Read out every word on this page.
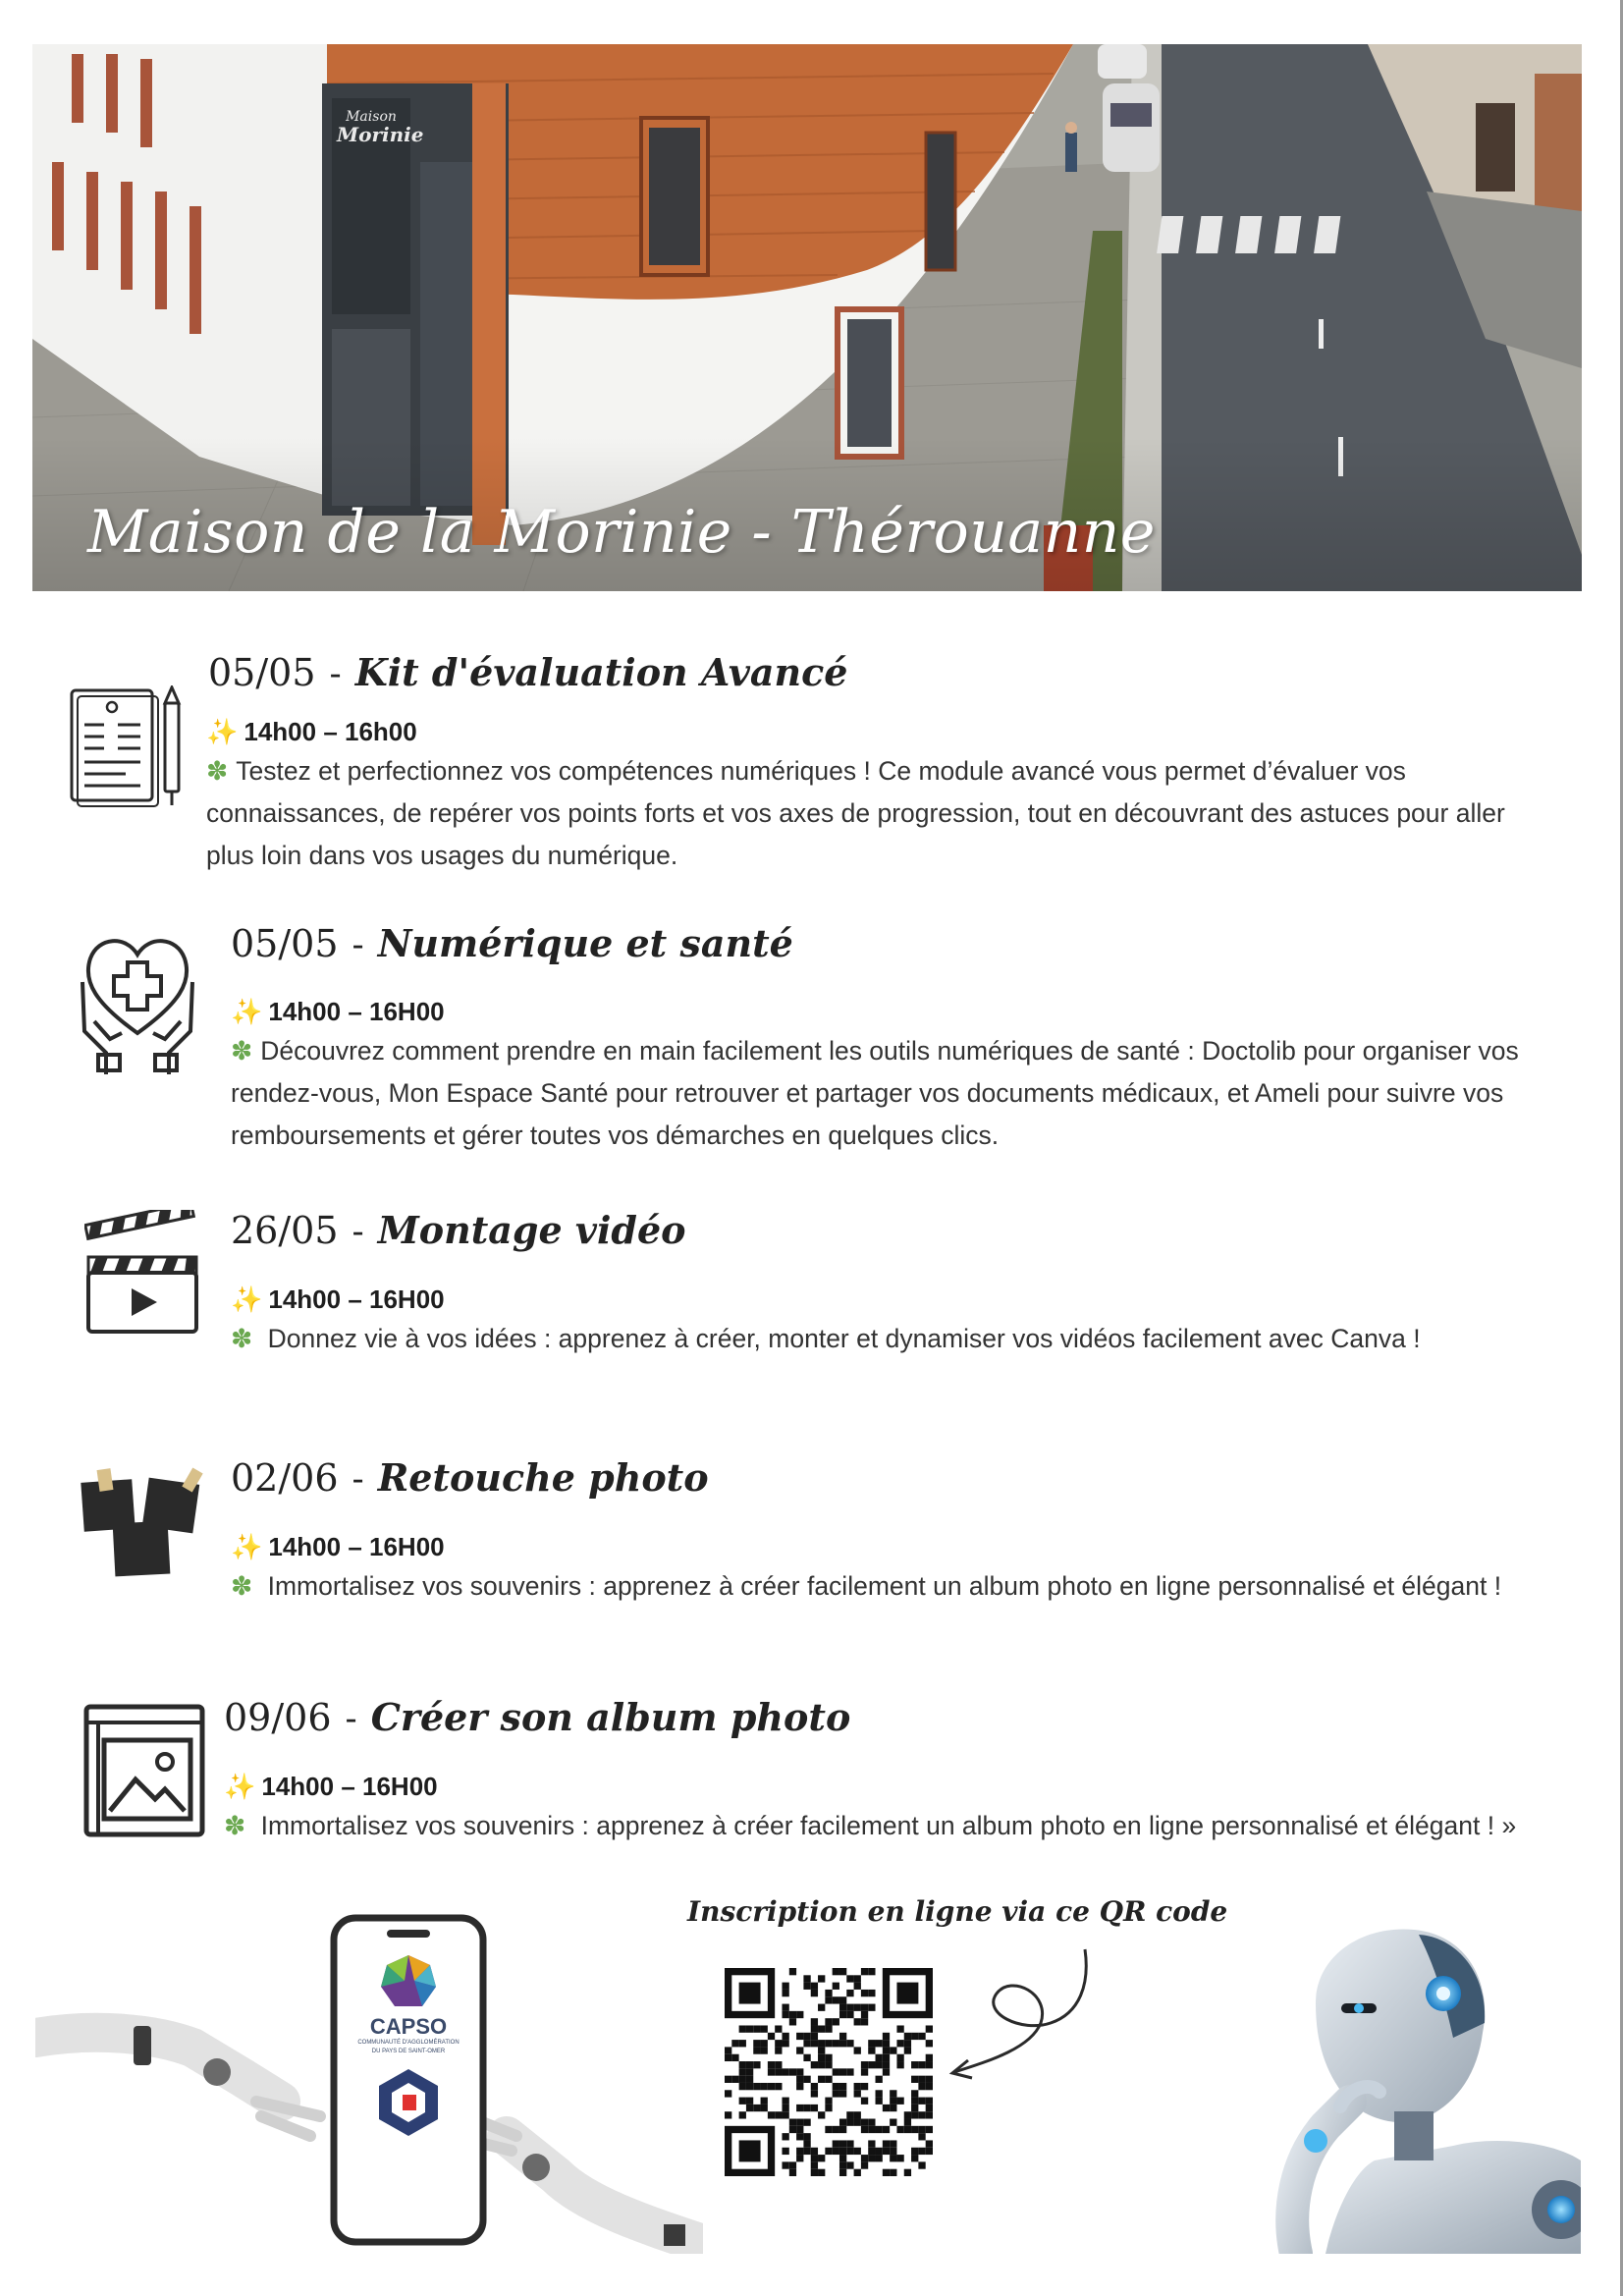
Maison
Morinie
Maison de la Morinie - Thérouanne
05/05 - Kit d'évaluation Avancé
✨ 14h00 – 16h00
✽ Testez et perfectionnez vos compétences numériques ! Ce module avancé vous permet d’évaluer vos connaissances, de repérer vos points forts et vos axes de progression, tout en découvrant des astuces pour aller plus loin dans vos usages du numérique.
05/05 - Numérique et santé
✨ 14h00 – 16H00
✽ Découvrez comment prendre en main facilement les outils numériques de santé : Doctolib pour organiser vos rendez-vous, Mon Espace Santé pour retrouver et partager vos documents médicaux, et Ameli pour suivre vos remboursements et gérer toutes vos démarches en quelques clics.
26/05 - Montage vidéo
✨ 14h00 – 16H00
✽ Donnez vie à vos idées : apprenez à créer, monter et dynamiser vos vidéos facilement avec Canva !
02/06 - Retouche photo
✨ 14h00 – 16H00
✽ Immortalisez vos souvenirs : apprenez à créer facilement un album photo en ligne personnalisé et élégant !
09/06 - Créer son album photo
✨ 14h00 – 16H00
✽ Immortalisez vos souvenirs : apprenez à créer facilement un album photo en ligne personnalisé et élégant ! »
CAPSO
COMMUNAUTÉ D'AGGLOMÉRATION
DU PAYS DE SAINT-OMER
Inscription en ligne via ce QR code
